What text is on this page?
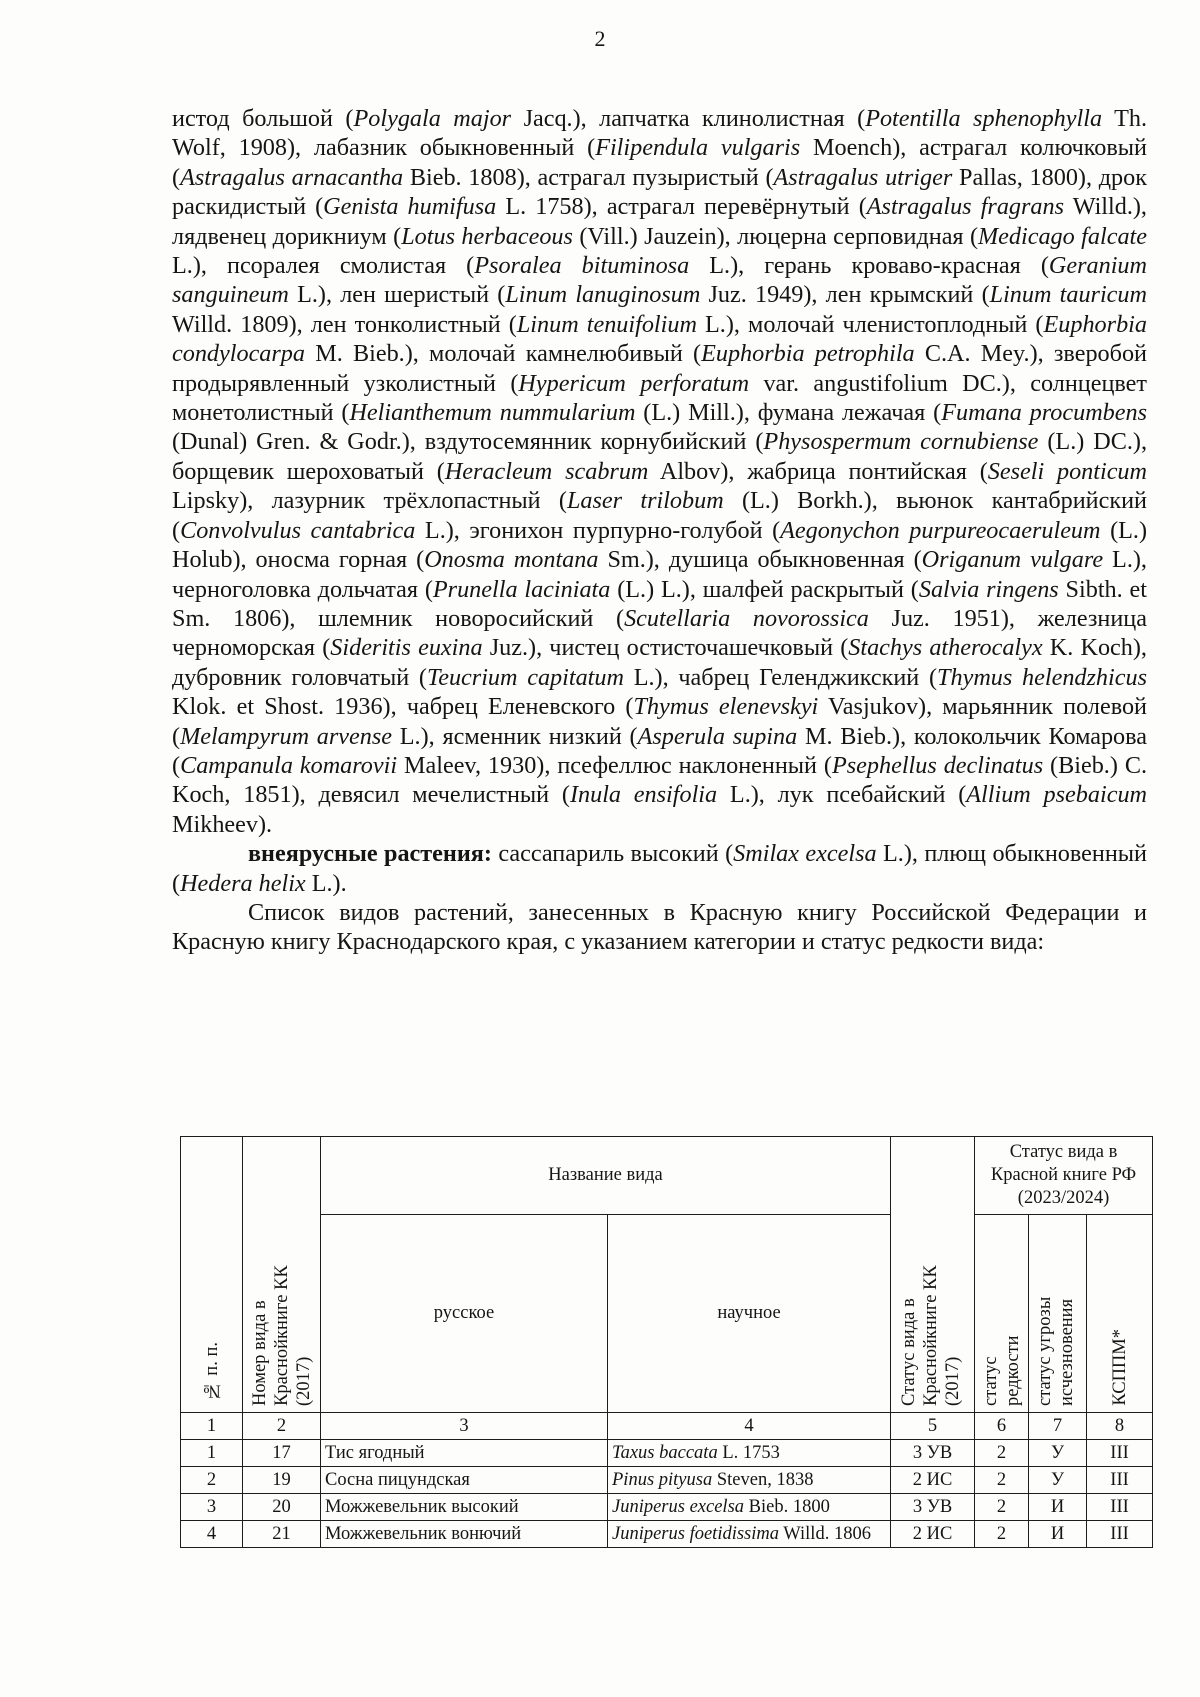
2

истод большой (Polygala major Jacq.), лапчатка клинолистная (Potentilla sphenophylla Th. Wolf, 1908), лабазник обыкновенный (Filipendula vulgaris Moench), астрагал колючковый (Astragalus arnacantha Bieb. 1808), астрагал пузыристый (Astragalus utriger Pallas, 1800), дрок раскидистый (Genista humifusa L. 1758), астрагал перевёрнутый (Astragalus fragrans Willd.), лядвенец дорикниум (Lotus herbaceous (Vill.) Jauzein), люцерна серповидная (Medicago falcate L.), псоралея смолистая (Psoralea bituminosa L.), герань кроваво-красная (Geranium sanguineum L.), лен шеристый (Linum lanuginosum Juz. 1949), лен крымский (Linum tauricum Willd. 1809), лен тонколистный (Linum tenuifolium L.), молочай членистоплодный (Euphorbia condylocarpa M. Bieb.), молочай камнелюбивый (Euphorbia petrophila C.A. Mey.), зверобой продырявленный узколистный (Hypericum perforatum var. angustifolium DC.), солнцецвет монетолистный (Helianthemum nummularium (L.) Mill.), фумана лежачая (Fumana procumbens (Dunal) Gren. & Godr.), вздутосемянник корнубийский (Physospermum cornubiense (L.) DC.), борщевик шероховатый (Heracleum scabrum Albov), жабрица понтийская (Seseli ponticum Lipsky), лазурник трёхлопастный (Laser trilobum (L.) Borkh.), вьюнок кантабрийский (Convolvulus cantabrica L.), эгонихон пурпурно-голубой (Aegonychon purpureocaeruleum (L.) Holub), оносма горная (Onosma montana Sm.), душица обыкновенная (Origanum vulgare L.), черноголовка дольчатая (Prunella laciniata (L.) L.), шалфей раскрытый (Salvia ringens Sibth. et Sm. 1806), шлемник новоросийский (Scutellaria novorossica Juz. 1951), железница черноморская (Sideritis euxina Juz.), чистец остисточашечковый (Stachys atherocalyx K. Koch), дубровник головчатый (Teucrium capitatum L.), чабрец Геленджикский (Thymus helendzhicus Klok. et Shost. 1936), чабрец Еленевского (Thymus elenevskyi Vasjukov), марьянник полевой (Melampyrum arvense L.), ясменник низкий (Asperula supina M. Bieb.), колокольчик Комарова (Campanula komarovii Maleev, 1930), псефеллюс наклоненный (Psephellus declinatus (Bieb.) C. Koch, 1851), девясил мечелистный (Inula ensifolia L.), лук псебайский (Allium psebaicum Mikheev).

внеярусные растения: сассапариль высокий (Smilax excelsa L.), плющ обыкновенный (Hedera helix L.).

Список видов растений, занесенных в Красную книгу Российской Федерации и Красную книгу Краснодарского края, с указанием категории и статус редкости вида:

№ п. п.	Номер вида в Краснойкниге КК (2017)	Название вида		Статус вида в Краснойкниге КК (2017)	Статус вида в Красной книге РФ (2023/2024)		
		русское	научное		статус редкости	статус угрозы исчезновения	КСППМ*

1	2	3	4	5	6	7	8
1	17	Тис ягодный	Taxus baccata L. 1753	3 УВ	2	У	III
2	19	Сосна пицундская	Pinus pityusa Steven, 1838	2 ИС	2	У	III
3	20	Можжевельник высокий	Juniperus excelsa Bieb. 1800	3 УВ	2	И	III
4	21	Можжевельник вонючий	Juniperus foetidissima Willd. 1806	2 ИС	2	И	III
